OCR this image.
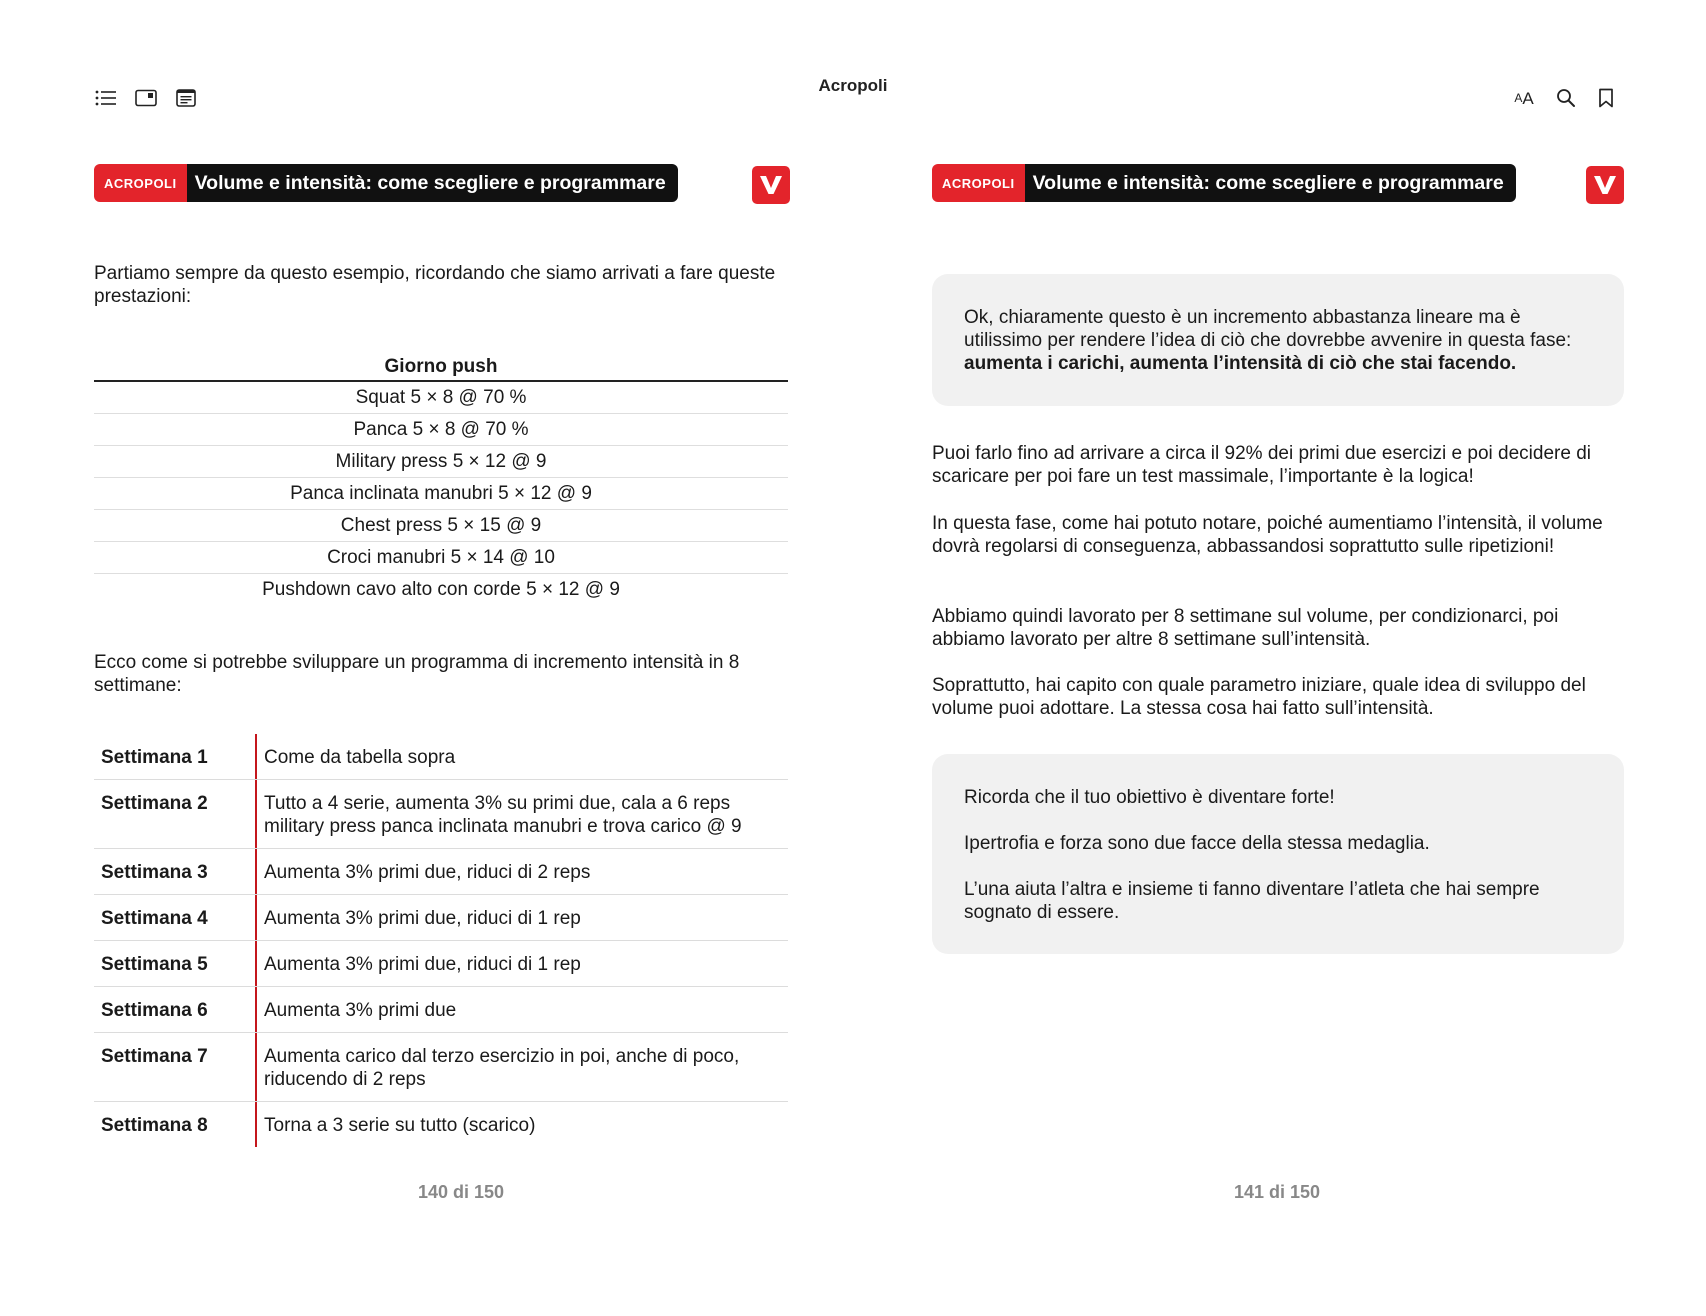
Acropoli
A A
ACROPOLI Volume e intensità: come scegliere e programmare

Partiamo sempre da questo esempio, ricordando che siamo arrivati a fare queste prestazioni:

Giorno push
Squat 5 × 8 @ 70 %
Panca 5 × 8 @ 70 %
Military press 5 × 12 @ 9
Panca inclinata manubri 5 × 12 @ 9
Chest press 5 × 15 @ 9
Croci manubri 5 × 14 @ 10
Pushdown cavo alto con corde 5 × 12 @ 9

Ecco come si potrebbe sviluppare un programma di incremento intensità in 8 settimane:

Settimana 1	Come da tabella sopra
Settimana 2	Tutto a 4 serie, aumenta 3% su primi due, cala a 6 reps military press panca inclinata manubri e trova carico @ 9
Settimana 3	Aumenta 3% primi due, riduci di 2 reps
Settimana 4	Aumenta 3% primi due, riduci di 1 rep
Settimana 5	Aumenta 3% primi due, riduci di 1 rep
Settimana 6	Aumenta 3% primi due
Settimana 7	Aumenta carico dal terzo esercizio in poi, anche di poco, riducendo di 2 reps
Settimana 8	Torna a 3 serie su tutto (scarico)
140 di 150
ACROPOLI Volume e intensità: come scegliere e programmare

Ok, chiaramente questo è un incremento abbastanza lineare ma è utilissimo per rendere l’idea di ciò che dovrebbe avvenire in questa fase: aumenta i carichi, aumenta l’intensità di ciò che stai facendo.

Puoi farlo fino ad arrivare a circa il 92% dei primi due esercizi e poi decidere di scaricare per poi fare un test massimale, l’importante è la logica!

In questa fase, come hai potuto notare, poiché aumentiamo l’intensità, il volume dovrà regolarsi di conseguenza, abbassandosi soprattutto sulle ripetizioni!

Abbiamo quindi lavorato per 8 settimane sul volume, per condizionarci, poi abbiamo lavorato per altre 8 settimane sull’intensità.

Soprattutto, hai capito con quale parametro iniziare, quale idea di sviluppo del volume puoi adottare. La stessa cosa hai fatto sull’intensità.

Ricorda che il tuo obiettivo è diventare forte!

Ipertrofia e forza sono due facce della stessa medaglia.

L’una aiuta l’altra e insieme ti fanno diventare l’atleta che hai sempre sognato di essere.

141 di 150
